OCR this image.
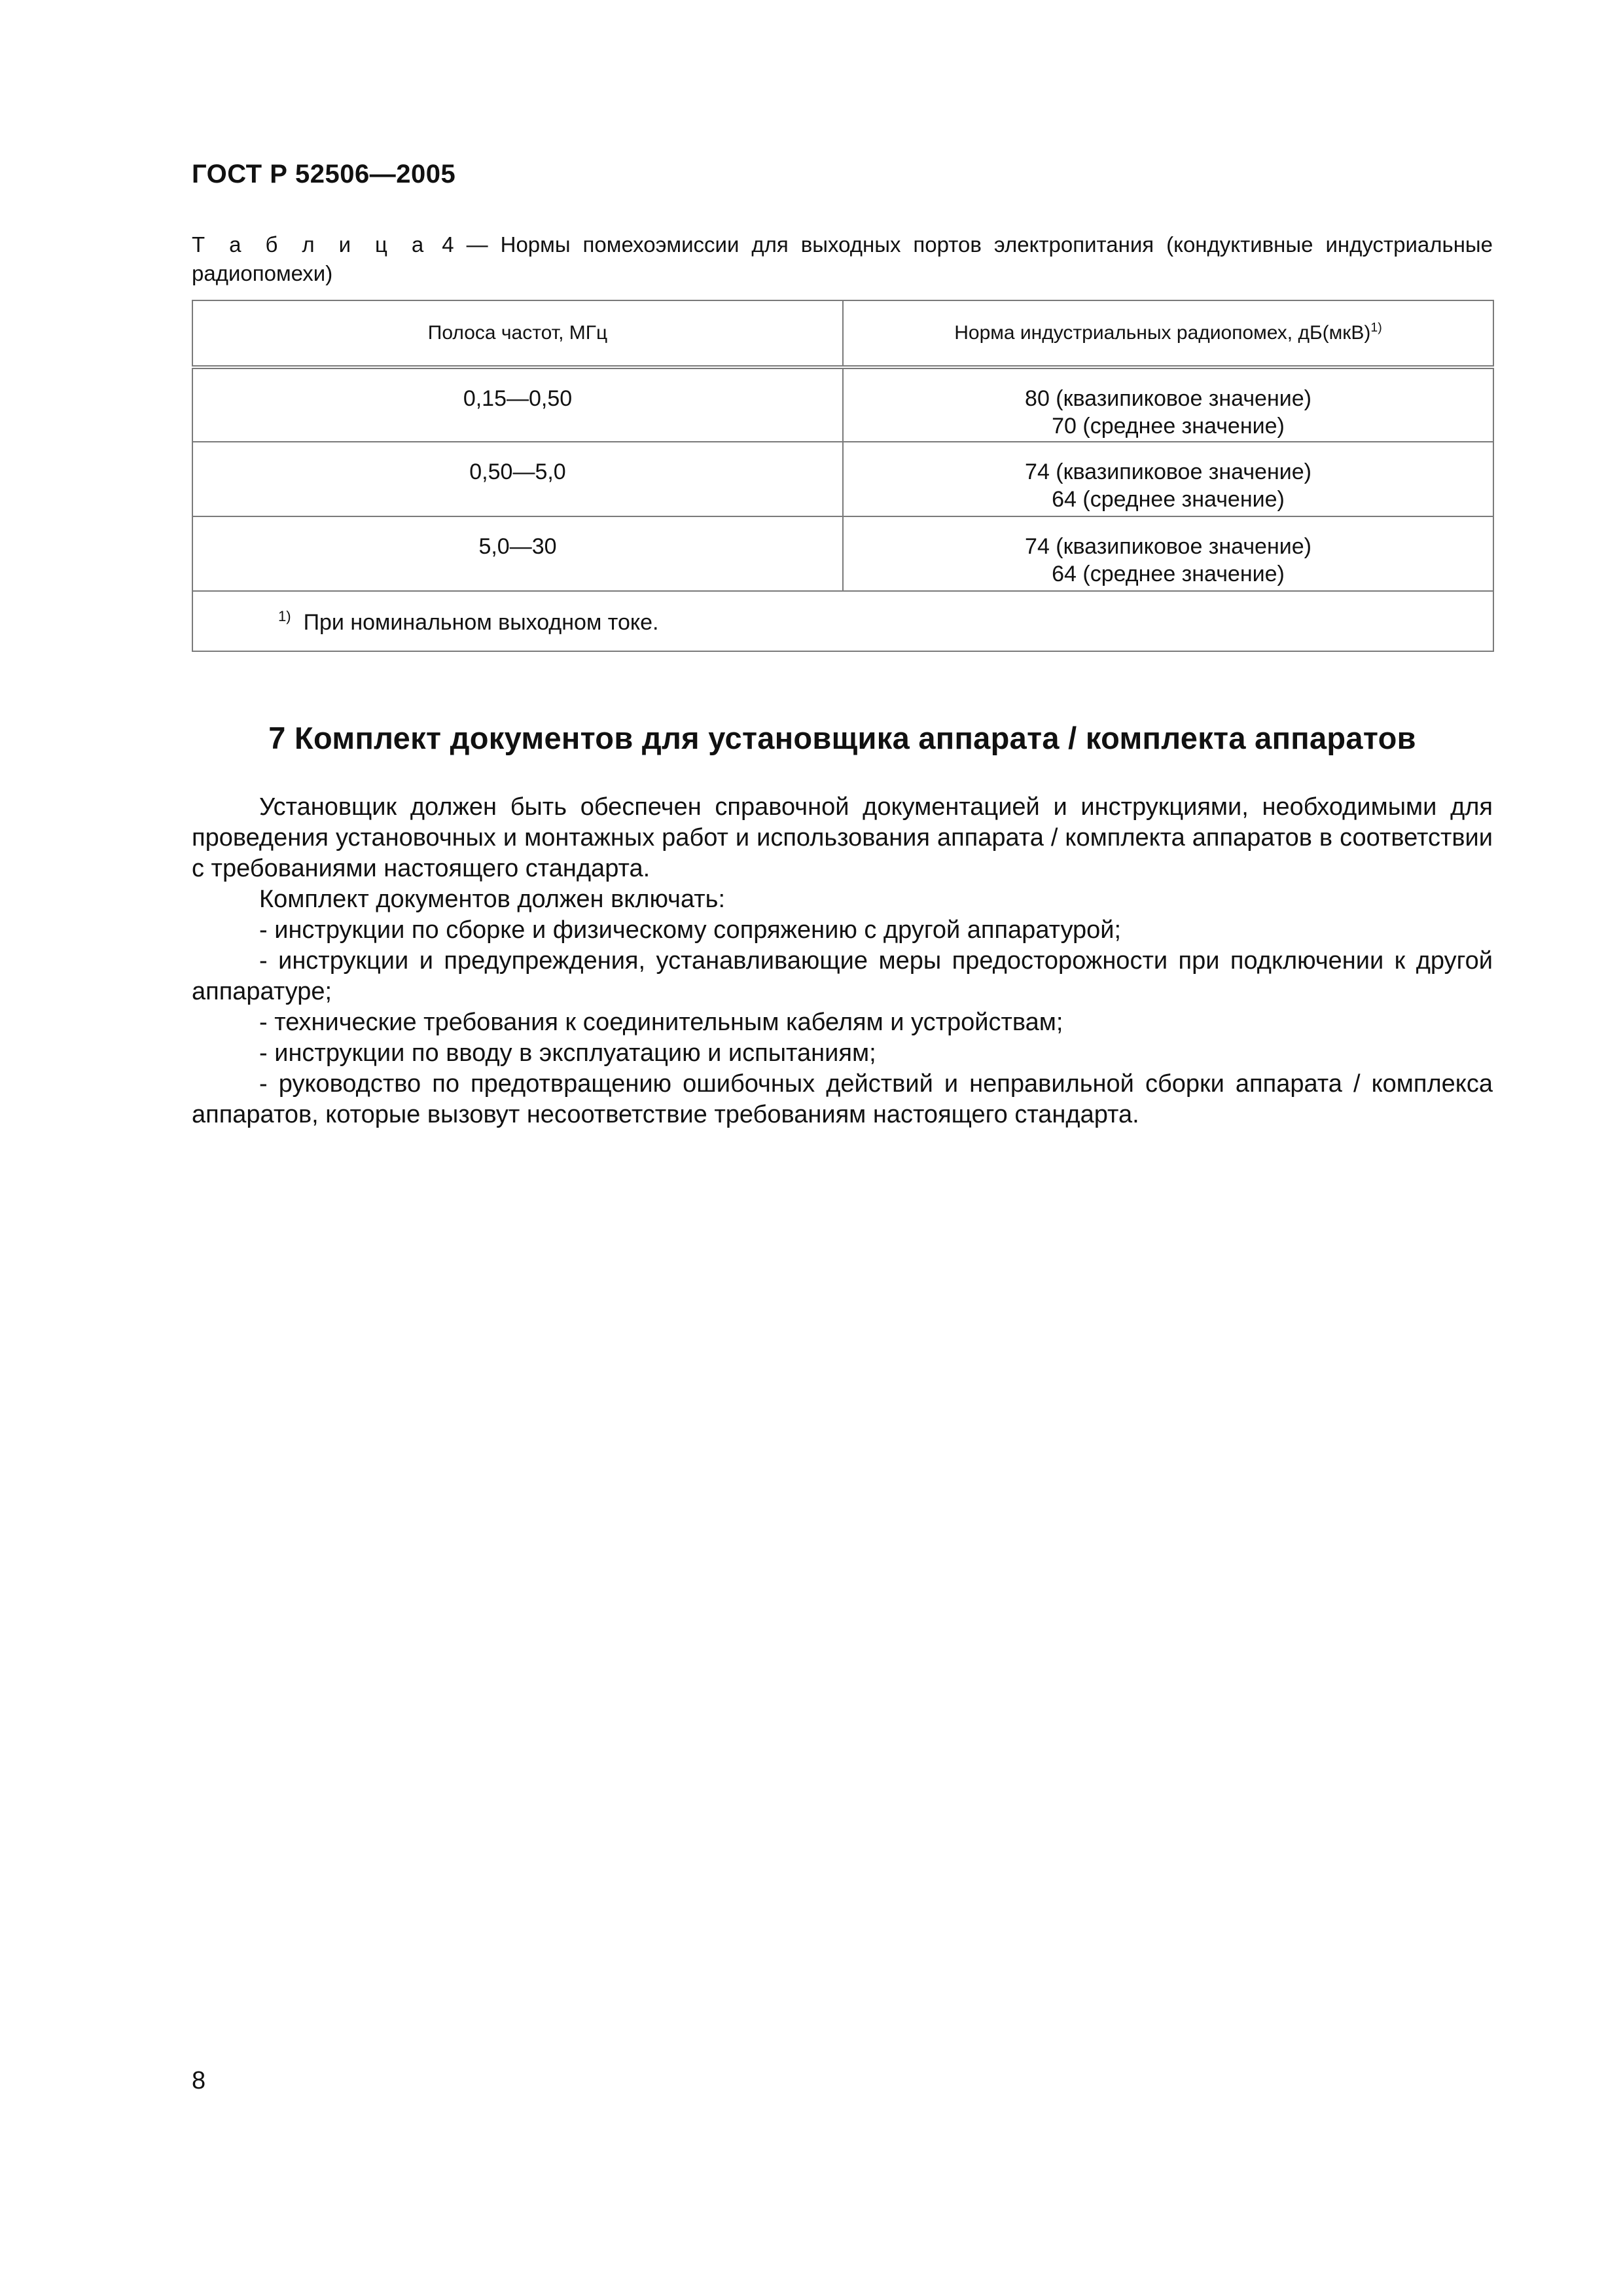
ГОСТ Р 52506—2005

Т а б л и ц а 4 — Нормы помехоэмиссии для выходных портов электропитания (кондуктивные индустриальные радиопомехи)

Полоса частот, МГц	Норма индустриальных радиопомех, дБ(мкВ)$^{1)}$
0,15—0,50	80 (квазипиковое значение)
70 (среднее значение)

0,50—5,0	74 (квазипиковое значение)
64 (среднее значение)

5,0—30	74 (квазипиковое значение)
64 (среднее значение)

$^{1)}$ При номинальном выходном токе.	
7 Комплект документов для установщика аппарата / комплекта аппаратов

Установщик должен быть обеспечен справочной документацией и инструкциями, необходимыми для проведения установочных и монтажных работ и использования аппарата / комплекта аппаратов в соответствии с требованиями настоящего стандарта.

Комплект документов должен включать:

- инструкции по сборке и физическому сопряжению с другой аппаратурой;

- инструкции и предупреждения, устанавливающие меры предосторожности при подключении к другой аппаратуре;

- технические требования к соединительным кабелям и устройствам;

- инструкции по вводу в эксплуатацию и испытаниям;

- руководство по предотвращению ошибочных действий и неправильной сборки аппарата / комплекса аппаратов, которые вызовут несоответствие требованиям настоящего стандарта.

8
